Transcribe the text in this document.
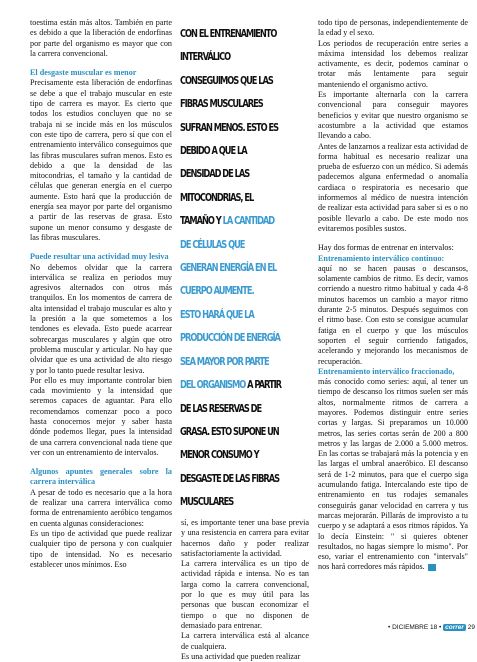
toestima están más altos. También en parte es debido a que la liberación de endorfinas por parte del organismo es mayor que con la carrera convencional.

El desgaste muscular es menor

Precisamente esta liberación de endorfinas se debe a que el trabajo muscular en este tipo de carrera es mayor. Es cierto que todos los estudios concluyen que no se trabaja ni se incide más en los músculos con este tipo de carrera, pero sí que con el entrenamiento interválico conseguimos que las fibras musculares sufran menos. Esto es debido a que la densidad de las mitocondrias, el tamaño y la cantidad de células que generan energía en el cuerpo aumente. Esto hará que la producción de energía sea mayor por parte del organismo a partir de las reservas de grasa. Esto supone un menor consumo y desgaste de las fibras musculares.

Puede resultar una actividad muy lesiva

No debemos olvidar que la carrera interválica se realiza en periodos muy agresivos alternados con otros más tranquilos. En los momentos de carrera de alta intensidad el trabajo muscular es alto y la presión a la que sometemos a los tendones es elevada. Esto puede acarrear sobrecargas musculares y algún que otro problema muscular y articular. No hay que olvidar que es una actividad de alto riesgo y por lo tanto puede resultar lesiva.

Por ello es muy importante controlar bien cada movimiento y la intensidad que seremos capaces de aguantar. Para ello recomendamos comenzar poco a poco hasta conocernos mejor y saber hasta dónde podemos llegar, pues la intensidad de una carrera convencional nada tiene que ver con un entrenamiento de intervalos.

Algunos apuntes generales sobre la carrera interválica

A pesar de todo es necesario que a la hora de realizar una carrera interválica como forma de entrenamiento aeróbico tengamos en cuenta algunas consideraciones:

Es un tipo de actividad que puede realizar cualquier tipo de persona y con cualquier tipo de intensidad. No es necesario establecer unos mínimos. Eso

CON EL ENTRENAMIENTO
INTERVÁLICO
CONSEGUIMOS QUE LAS
FIBRAS MUSCULARES
SUFRAN MENOS. ESTO ES
DEBIDO A QUE LA
DENSIDAD DE LAS
MITOCONDRIAS, EL
TAMAÑO Y LA CANTIDAD
DE CÉLULAS QUE
GENERAN ENERGÍA EN EL
CUERPO AUMENTE.
ESTO HARÁ QUE LA
PRODUCCIÓN DE ENERGÍA
SEA MAYOR POR PARTE
DEL ORGANISMO A PARTIR
DE LAS RESERVAS DE
GRASA. ESTO SUPONE UN
MENOR CONSUMO Y
DESGASTE DE LAS FIBRAS
MUSCULARES

sí, es importante tener una base previa y una resistencia en carrera para evitar hacernos daño y poder realizar satisfactoriamente la actividad.

La carrera interválica es un tipo de actividad rápida e intensa. No es tan larga como la carrera convencional, por lo que es muy útil para las personas que buscan economizar el tiempo o que no disponen de demasiado para entrenar.

La carrera interválica está al alcance de cualquiera.

Es una actividad que pueden realizar

todo tipo de personas, independientemente de la edad y el sexo.

Los periodos de recuperación entre series a máxima intensidad los debemos realizar activamente, es decir, podemos caminar o trotar más lentamente para seguir manteniendo el organismo activo.

Es importante alternarla con la carrera convencional para conseguir mayores beneficios y evitar que nuestro organismo se acostumbre a la actividad que estamos llevando a cabo.

Antes de lanzarnos a realizar esta actividad de forma habitual es necesario realizar una prueba de esfuerzo con un médico. Si además padecemos alguna enfermedad o anomalía cardiaca o respiratoria es necesario que informemos al médico de nuestra intención de realizar esta actividad para saber si es o no posible llevarlo a cabo. De este modo nos evitaremos posibles sustos.

Hay dos formas de entrenar en intervalos:

Entrenamiento interválico continuo:

aquí no se hacen pausas o descansos, solamente cambios de ritmo. Es decir, vamos corriendo a nuestro ritmo habitual y cada 4-8 minutos hacemos un cambio a mayor ritmo durante 2-5 minutos. Después seguimos con el ritmo base. Con esto se consigue acumular fatiga en el cuerpo y que los músculos soporten el seguir corriendo fatigados, acelerando y mejorando los mecanismos de recuperación.

Entrenamiento interválico fraccionado,

más conocido como series: aquí, al tener un tiempo de descanso los ritmos suelen ser más altos, normalmente ritmos de carrera a mayores. Podemos distinguir entre series cortas y largas. Si preparamos un 10.000 metros, las series cortas serán de 200 a 800 metros y las largas de 2.000 a 5.000 metros. En las cortas se trabajará más la potencia y en las largas el umbral anaeróbico. El descanso será de 1-2 minutos, para que el cuerpo siga acumulando fatiga. Intercalando este tipo de entrenamiento en tus rodajes semanales conseguirás ganar velocidad en carrera y tus marcas mejorarán. Pillarás de improvisto a tu cuerpo y se adaptará a esos ritmos rápidos. Ya lo decía Einstein: " si quieres obtener resultados, no hagas siempre lo mismo". Por eso, variar el entrenamiento con "intervals" nos hará corredores más rápidos.

• DICIEMBRE 18 • correr 29
